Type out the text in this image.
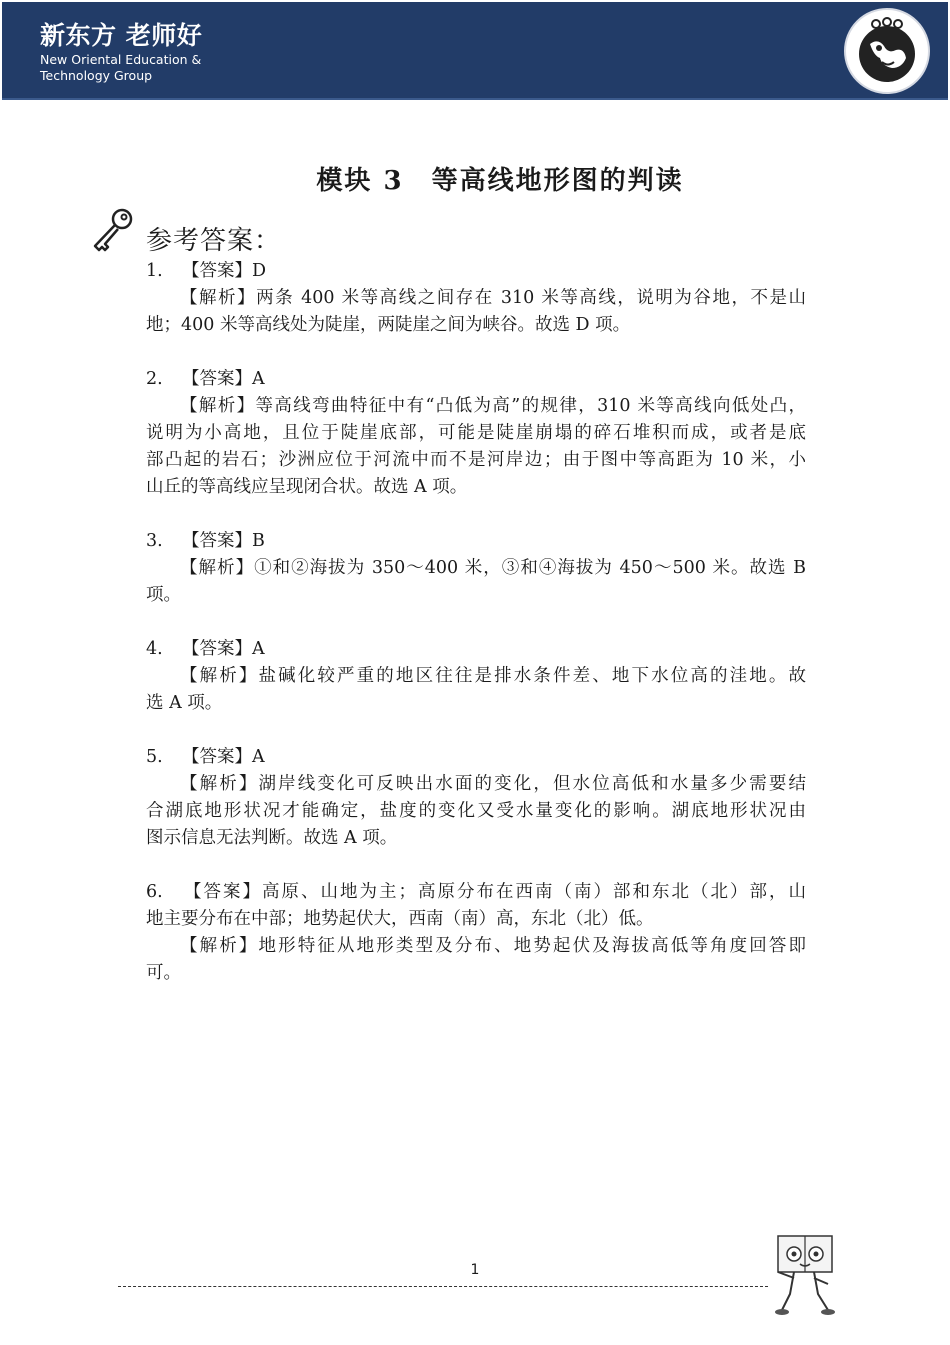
新东方 老师好
New Oriental Education &
Technology Group
模块 3　等高线地形图的判读
参考答案：

1. 【答案】D

【解析】两条 400 米等高线之间存在 310 米等高线，说明为谷地，不是山

地；400 米等高线处为陡崖，两陡崖之间为峡谷。故选 D 项。

2. 【答案】A

【解析】等高线弯曲特征中有“凸低为高”的规律，310 米等高线向低处凸，

说明为小高地，且位于陡崖底部，可能是陡崖崩塌的碎石堆积而成，或者是底

部凸起的岩石；沙洲应位于河流中而不是河岸边；由于图中等高距为 10 米，小

山丘的等高线应呈现闭合状。故选 A 项。

3. 【答案】B

【解析】①和②海拔为 350～400 米，③和④海拔为 450～500 米。故选 B

项。

4. 【答案】A

【解析】盐碱化较严重的地区往往是排水条件差、地下水位高的洼地。故

选 A 项。

5. 【答案】A

【解析】湖岸线变化可反映出水面的变化，但水位高低和水量多少需要结

合湖底地形状况才能确定，盐度的变化又受水量变化的影响。湖底地形状况由

图示信息无法判断。故选 A 项。

6. 【答案】高原、山地为主；高原分布在西南（南）部和东北（北）部，山

地主要分布在中部；地势起伏大，西南（南）高，东北（北）低。

【解析】地形特征从地形类型及分布、地势起伏及海拔高低等角度回答即

可。

1
